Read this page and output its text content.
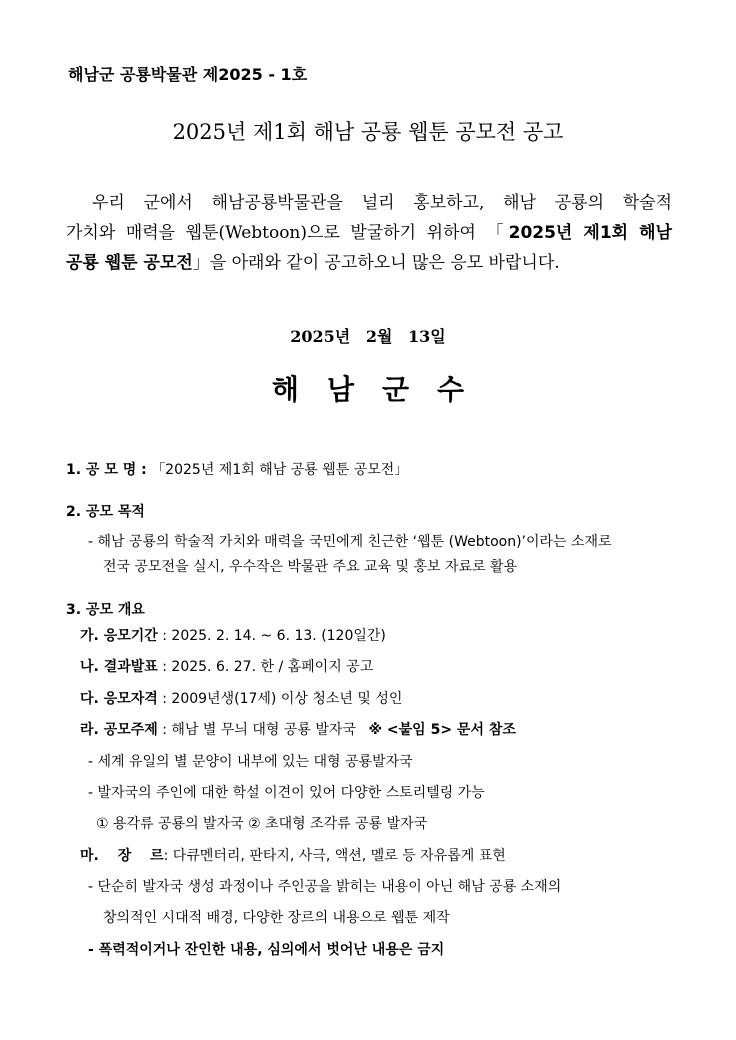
해남군 공룡박물관 제2025 - 1호
2025년 제1회 해남 공룡 웹툰 공모전 공고
우리 군에서 해남공룡박물관을 널리 홍보하고, 해남 공룡의 학술적
가치와 매력을 웹툰(Webtoon)으로 발굴하기 위하여 「2025년 제1회 해남
공룡 웹툰 공모전」을 아래와 같이 공고하오니 많은 응모 바랍니다.
2025년 2월 13일
해남군수
1. 공 모 명 : 「2025년 제1회 해남 공룡 웹툰 공모전」
2. 공모 목적
- 해남 공룡의 학술적 가치와 매력을 국민에게 친근한 ‘웹툰 (Webtoon)’이라는 소재로
전국 공모전을 실시, 우수작은 박물관 주요 교육 및 홍보 자료로 활용
3. 공모 개요
가. 응모기간 : 2025. 2. 14. ~ 6. 13. (120일간)
나. 결과발표 : 2025. 6. 27. 한 / 홈페이지 공고
다. 응모자격 : 2009년생(17세) 이상 청소년 및 성인
라. 공모주제 : 해남 별 무늬 대형 공룡 발자국 ※ <붙임 5> 문서 참조
- 세계 유일의 별 문양이 내부에 있는 대형 공룡발자국
- 발자국의 주인에 대한 학설 이견이 있어 다양한 스토리텔링 가능
① 용각류 공룡의 발자국 ② 초대형 조각류 공룡 발자국
마. 장 르: 다큐멘터리, 판타지, 사극, 액션, 멜로 등 자유롭게 표현
- 단순히 발자국 생성 과정이나 주인공을 밝히는 내용이 아닌 해남 공룡 소재의
창의적인 시대적 배경, 다양한 장르의 내용으로 웹툰 제작
- 폭력적이거나 잔인한 내용, 심의에서 벗어난 내용은 금지
